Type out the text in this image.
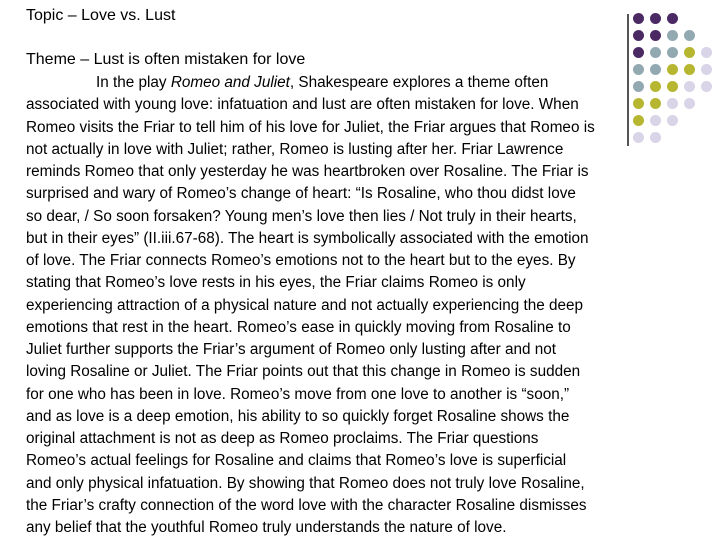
Topic – Love vs. Lust
Theme – Lust is often mistaken for love
In the play Romeo and Juliet, Shakespeare explores a theme often
associated with young love: infatuation and lust are often mistaken for love. When
Romeo visits the Friar to tell him of his love for Juliet, the Friar argues that Romeo is
not actually in love with Juliet; rather, Romeo is lusting after her. Friar Lawrence
reminds Romeo that only yesterday he was heartbroken over Rosaline. The Friar is
surprised and wary of Romeo’s change of heart: “Is Rosaline, who thou didst love
so dear, / So soon forsaken? Young men’s love then lies / Not truly in their hearts,
but in their eyes” (II.iii.67-68). The heart is symbolically associated with the emotion
of love. The Friar connects Romeo’s emotions not to the heart but to the eyes. By
stating that Romeo’s love rests in his eyes, the Friar claims Romeo is only
experiencing attraction of a physical nature and not actually experiencing the deep
emotions that rest in the heart. Romeo’s ease in quickly moving from Rosaline to
Juliet further supports the Friar’s argument of Romeo only lusting after and not
loving Rosaline or Juliet. The Friar points out that this change in Romeo is sudden
for one who has been in love. Romeo’s move from one love to another is “soon,”
and as love is a deep emotion, his ability to so quickly forget Rosaline shows the
original attachment is not as deep as Romeo proclaims. The Friar questions
Romeo’s actual feelings for Rosaline and claims that Romeo’s love is superficial
and only physical infatuation. By showing that Romeo does not truly love Rosaline,
the Friar’s crafty connection of the word love with the character Rosaline dismisses
any belief that the youthful Romeo truly understands the nature of love.
